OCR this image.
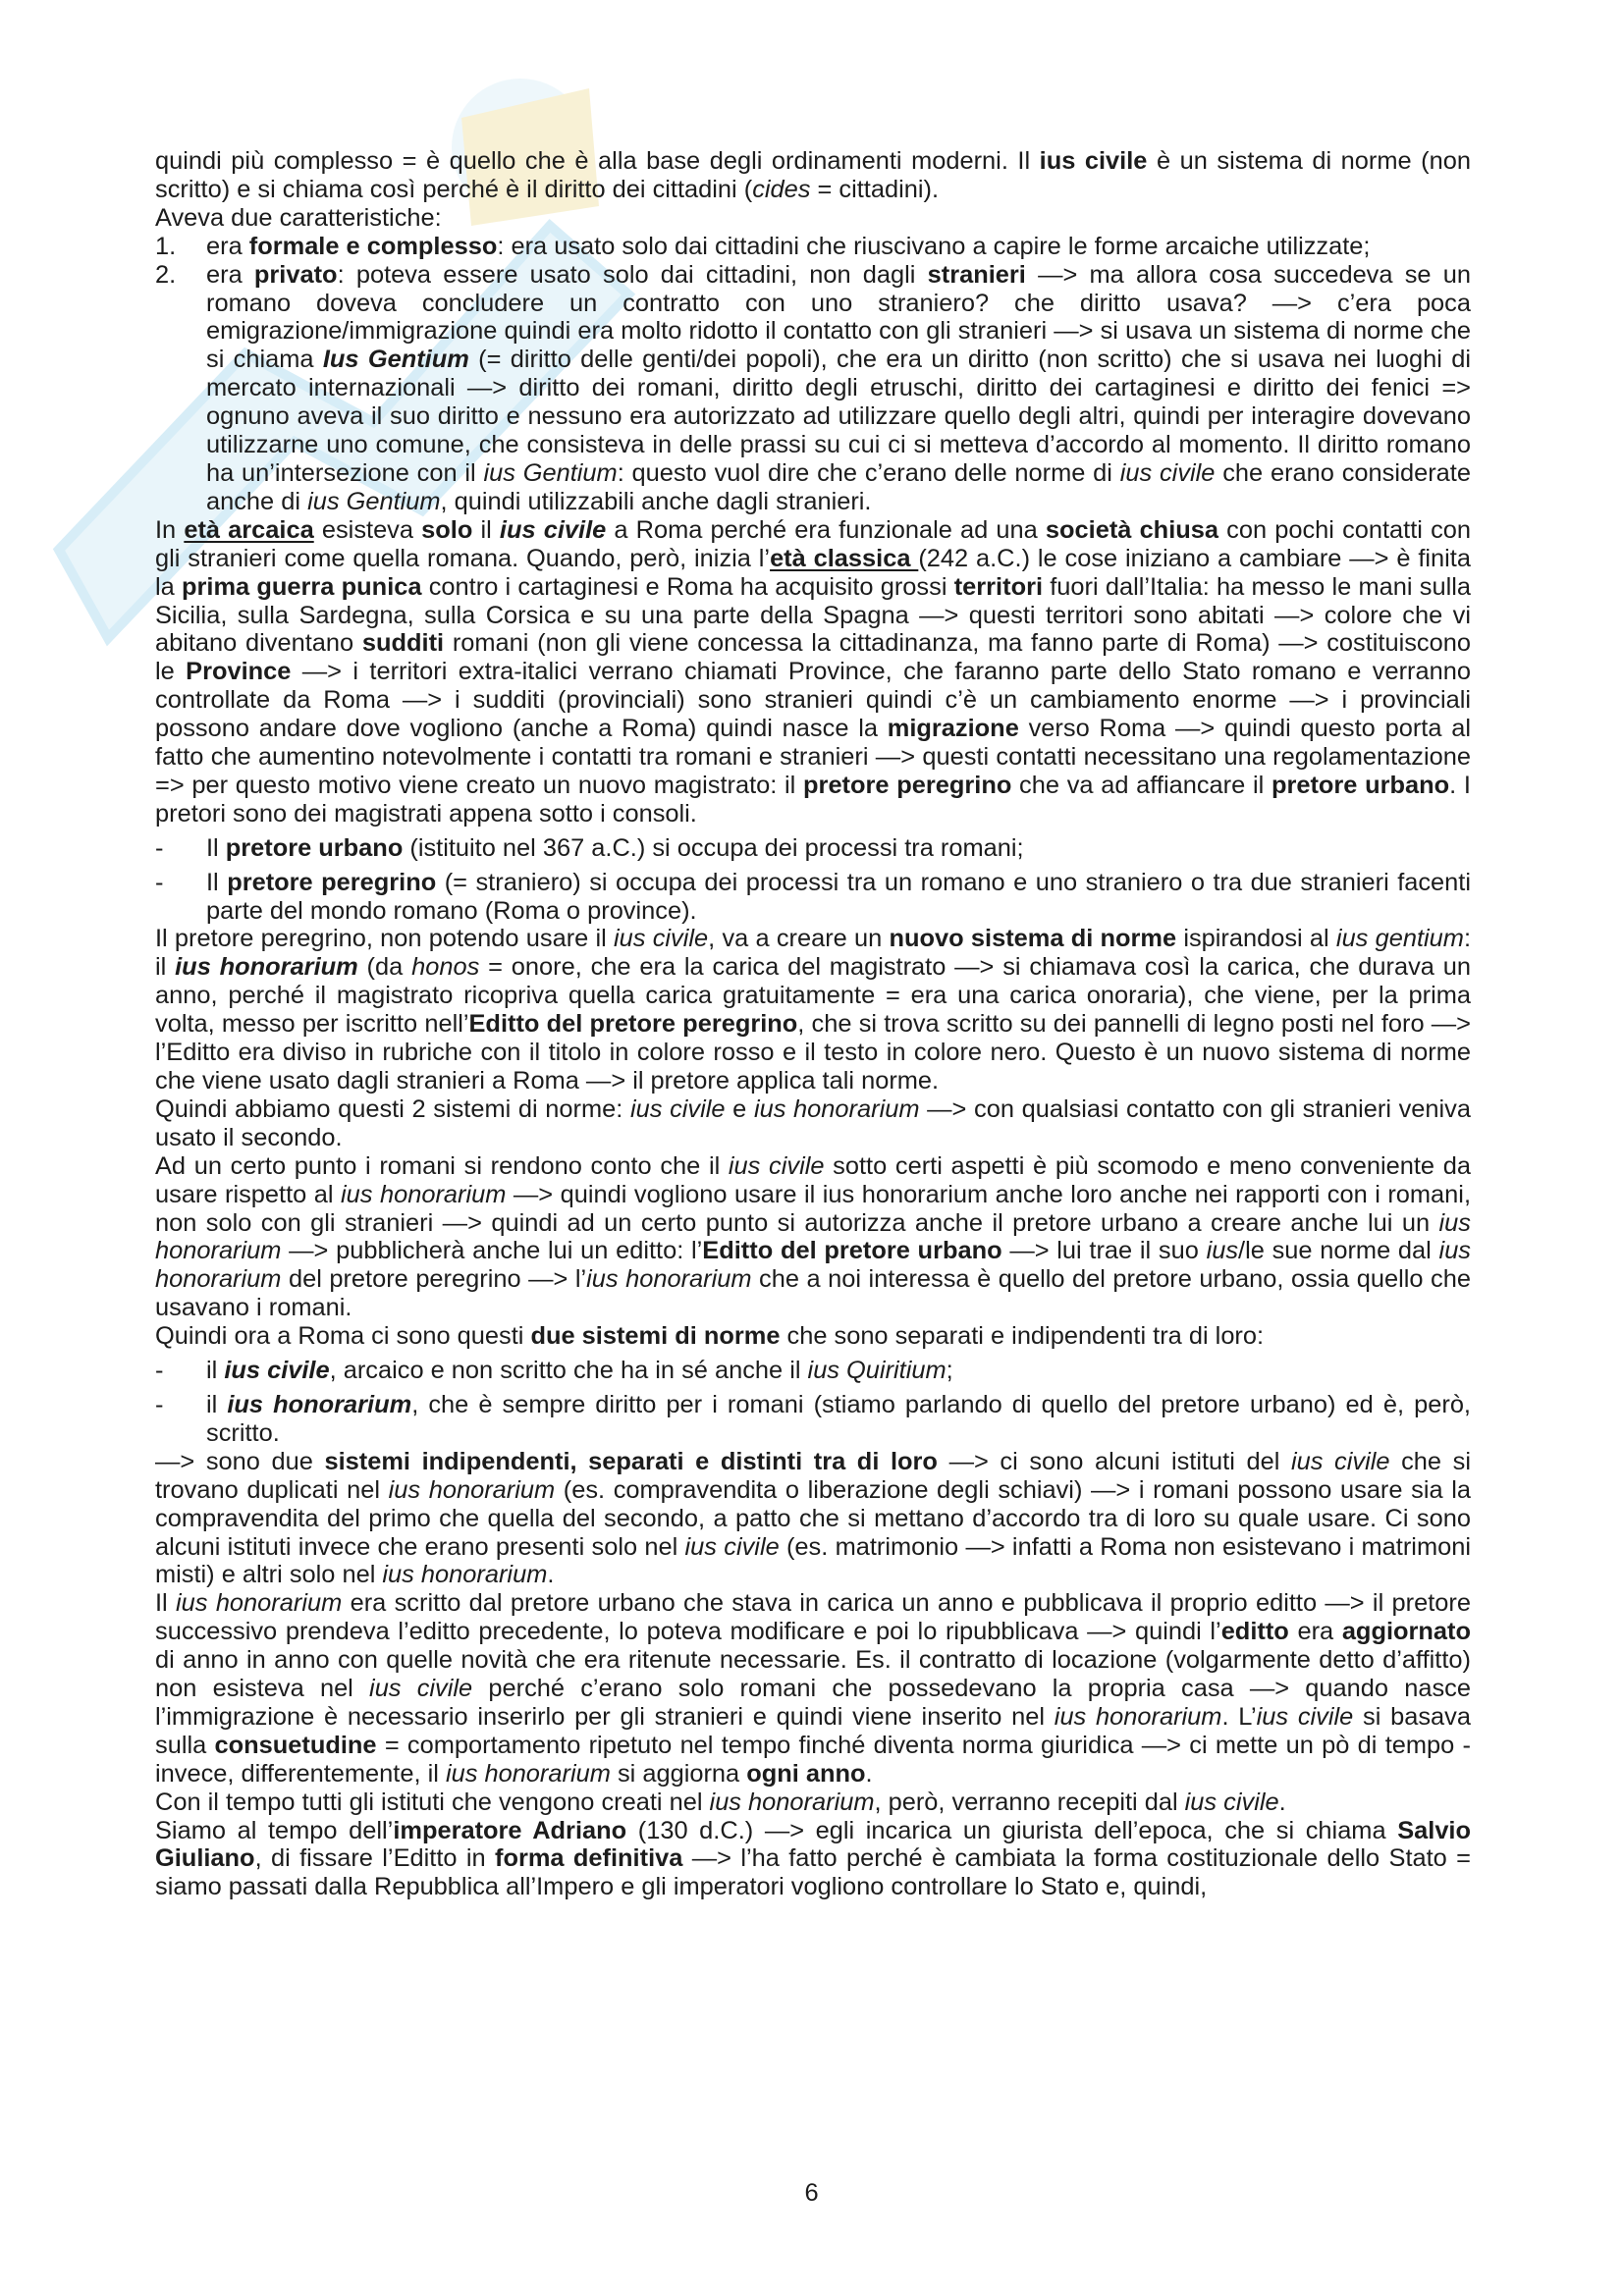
quindi più complesso = è quello che è alla base degli ordinamenti moderni. Il ius civile è un sistema di norme (non scritto) e si chiama così perché è il diritto dei cittadini (cides = cittadini).

Aveva due caratteristiche:

1.	era formale e complesso: era usato solo dai cittadini che riuscivano a capire le forme arcaiche utilizzate;
2.	era privato: poteva essere usato solo dai cittadini, non dagli stranieri —> ma allora cosa succedeva se un romano doveva concludere un contratto con uno straniero? che diritto usava? —> c’era poca emigrazione/immigrazione quindi era molto ridotto il contatto con gli stranieri —> si usava un sistema di norme che si chiama Ius Gentium (= diritto delle genti/dei popoli), che era un diritto (non scritto) che si usava nei luoghi di mercato internazionali —> diritto dei romani, diritto degli etruschi, diritto dei cartaginesi e diritto dei fenici => ognuno aveva il suo diritto e nessuno era autorizzato ad utilizzare quello degli altri, quindi per interagire dovevano utilizzarne uno comune, che consisteva in delle prassi su cui ci si metteva d’accordo al momento. Il diritto romano ha un’intersezione con il ius Gentium: questo vuol dire che c’erano delle norme di ius civile che erano considerate anche di ius Gentium, quindi utilizzabili anche dagli stranieri.

In età arcaica esisteva solo il ius civile a Roma perché era funzionale ad una società chiusa con pochi contatti con gli stranieri come quella romana. Quando, però, inizia l’età classica (242 a.C.) le cose iniziano a cambiare —> è finita la prima guerra punica contro i cartaginesi e Roma ha acquisito grossi territori fuori dall’Italia: ha messo le mani sulla Sicilia, sulla Sardegna, sulla Corsica e su una parte della Spagna —> questi territori sono abitati —> colore che vi abitano diventano sudditi romani (non gli viene concessa la cittadinanza, ma fanno parte di Roma) —> costituiscono le Province —> i territori extra-italici verrano chiamati Province, che faranno parte dello Stato romano e verranno controllate da Roma —> i sudditi (provinciali) sono stranieri quindi c’è un cambiamento enorme —> i provinciali possono andare dove vogliono (anche a Roma) quindi nasce la migrazione verso Roma —> quindi questo porta al fatto che aumentino notevolmente i contatti tra romani e stranieri —> questi contatti necessitano una regolamentazione => per questo motivo viene creato un nuovo magistrato: il pretore peregrino che va ad affiancare il pretore urbano. I pretori sono dei magistrati appena sotto i consoli.

-	Il pretore urbano (istituito nel 367 a.C.) si occupa dei processi tra romani;
-	Il pretore peregrino (= straniero) si occupa dei processi tra un romano e uno straniero o tra due stranieri facenti parte del mondo romano (Roma o province).

Il pretore peregrino, non potendo usare il ius civile, va a creare un nuovo sistema di norme ispirandosi al ius gentium: il ius honorarium (da honos = onore, che era la carica del magistrato —> si chiamava così la carica, che durava un anno, perché il magistrato ricopriva quella carica gratuitamente = era una carica onoraria), che viene, per la prima volta, messo per iscritto nell’Editto del pretore peregrino, che si trova scritto su dei pannelli di legno posti nel foro —> l’Editto era diviso in rubriche con il titolo in colore rosso e il testo in colore nero. Questo è un nuovo sistema di norme che viene usato dagli stranieri a Roma —> il pretore applica tali norme.

Quindi abbiamo questi 2 sistemi di norme: ius civile e ius honorarium —> con qualsiasi contatto con gli stranieri veniva usato il secondo.

Ad un certo punto i romani si rendono conto che il ius civile sotto certi aspetti è più scomodo e meno conveniente da usare rispetto al ius honorarium —> quindi vogliono usare il ius honorarium anche loro anche nei rapporti con i romani, non solo con gli stranieri —> quindi ad un certo punto si autorizza anche il pretore urbano a creare anche lui un ius honorarium —> pubblicherà anche lui un editto: l’Editto del pretore urbano —> lui trae il suo ius/le sue norme dal ius honorarium del pretore peregrino —> l’ius honorarium che a noi interessa è quello del pretore urbano, ossia quello che usavano i romani.

Quindi ora a Roma ci sono questi due sistemi di norme che sono separati e indipendenti tra di loro:

-	il ius civile, arcaico e non scritto che ha in sé anche il ius Quiritium;
-	il ius honorarium, che è sempre diritto per i romani (stiamo parlando di quello del pretore urbano) ed è, però, scritto.

—> sono due sistemi indipendenti, separati e distinti tra di loro —> ci sono alcuni istituti del ius civile che si trovano duplicati nel ius honorarium (es. compravendita o liberazione degli schiavi) —> i romani possono usare sia la compravendita del primo che quella del secondo, a patto che si mettano d’accordo tra di loro su quale usare. Ci sono alcuni istituti invece che erano presenti solo nel ius civile (es. matrimonio —> infatti a Roma non esistevano i matrimoni misti) e altri solo nel ius honorarium.

Il ius honorarium era scritto dal pretore urbano che stava in carica un anno e pubblicava il proprio editto —> il pretore successivo prendeva l’editto precedente, lo poteva modificare e poi lo ripubblicava —> quindi l’editto era aggiornato di anno in anno con quelle novità che era ritenute necessarie. Es. il contratto di locazione (volgarmente detto d’affitto) non esisteva nel ius civile perché c’erano solo romani che possedevano la propria casa —> quando nasce l’immigrazione è necessario inserirlo per gli stranieri e quindi viene inserito nel ius honorarium. L’ius civile si basava sulla consuetudine = comportamento ripetuto nel tempo finché diventa norma giuridica —> ci mette un pò di tempo - invece, differentemente, il ius honorarium si aggiorna ogni anno.

Con il tempo tutti gli istituti che vengono creati nel ius honorarium, però, verranno recepiti dal ius civile.

Siamo al tempo dell’imperatore Adriano (130 d.C.) —> egli incarica un giurista dell’epoca, che si chiama Salvio Giuliano, di fissare l’Editto in forma definitiva —> l’ha fatto perché è cambiata la forma costituzionale dello Stato = siamo passati dalla Repubblica all’Impero e gli imperatori vogliono controllare lo Stato e, quindi,

6
